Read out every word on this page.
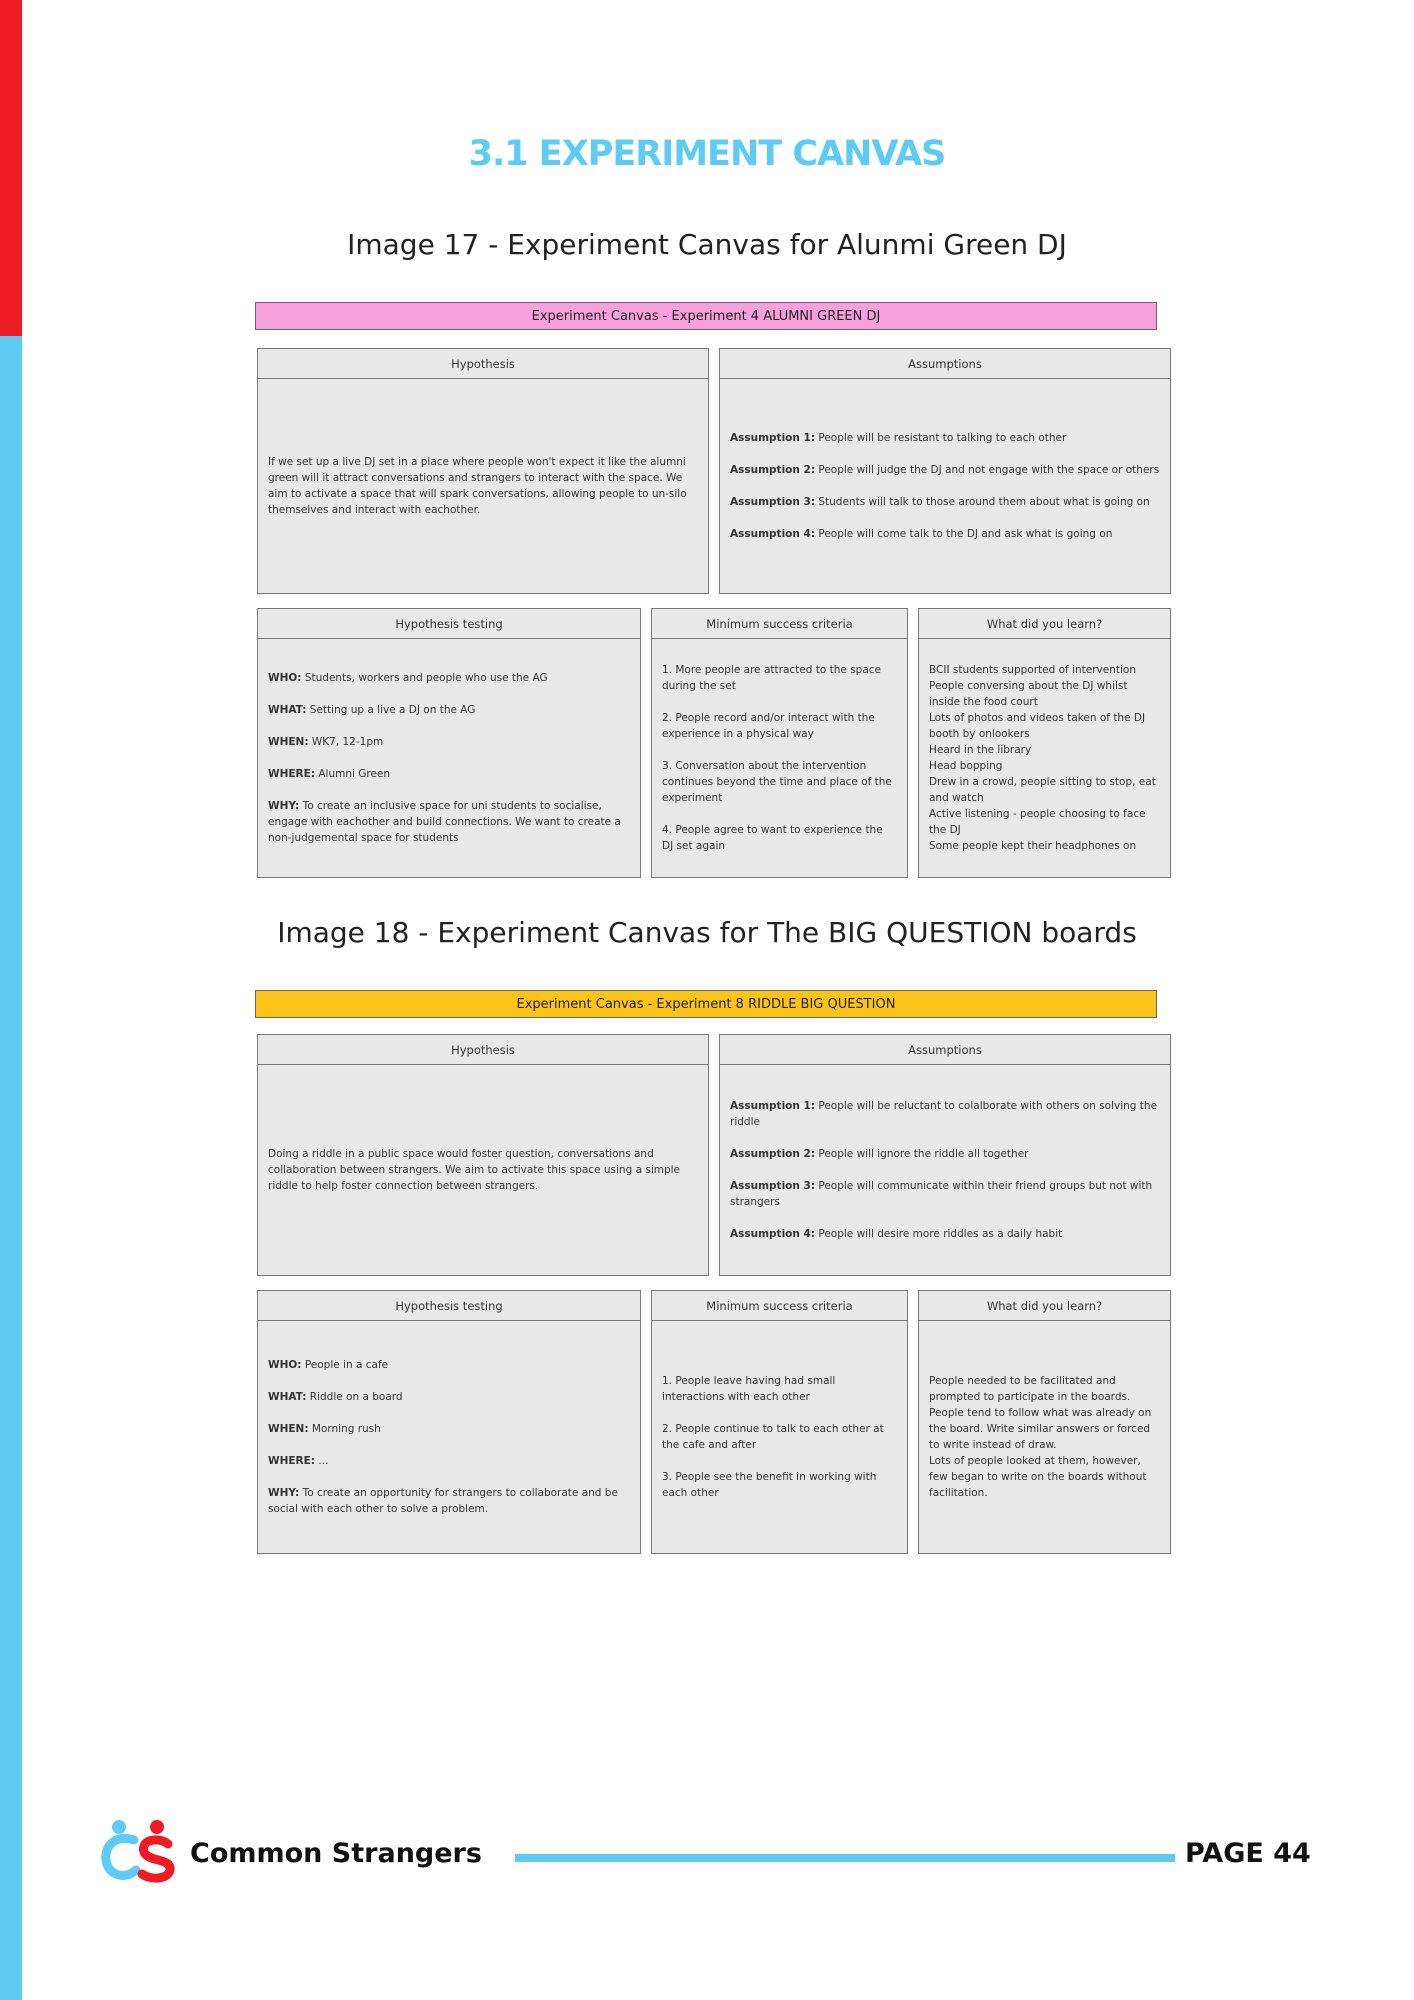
3.1 EXPERIMENT CANVAS
Image 17 - Experiment Canvas for Alunmi Green DJ
Experiment Canvas - Experiment 4 ALUMNI GREEN DJ
Hypothesis

If we set up a live DJ set in a place where people won't expect it like the alumni green will it attract conversations and strangers to interact with the space. We aim to activate a space that will spark conversations, allowing people to un-silo themselves and interact with eachother.

Assumptions

Assumption 1: People will be resistant to talking to each other

Assumption 2: People will judge the DJ and not engage with the space or others

Assumption 3: Students will talk to those around them about what is going on

Assumption 4: People will come talk to the DJ and ask what is going on

Hypothesis testing

WHO: Students, workers and people who use the AG

WHAT: Setting up a live a DJ on the AG

WHEN: WK7, 12-1pm

WHERE: Alumni Green

WHY: To create an inclusive space for uni students to socialise, engage with eachother and build connections. We want to create a non-judgemental space for students

Minimum success criteria

1. More people are attracted to the space during the set

2. People record and/or interact with the experience in a physical way

3. Conversation about the intervention continues beyond the time and place of the experiment

4. People agree to want to experience the DJ set again

What did you learn?

BCII students supported of intervention

People conversing about the DJ whilst inside the food court

Lots of photos and videos taken of the DJ booth by onlookers

Heard in the library

Head bopping

Drew in a crowd, people sitting to stop, eat and watch

Active listening - people choosing to face the DJ

Some people kept their headphones on

Image 18 - Experiment Canvas for The BIG QUESTION boards
Experiment Canvas - Experiment 8 RIDDLE BIG QUESTION
Hypothesis

Doing a riddle in a public space would foster question, conversations and collaboration between strangers. We aim to activate this space using a simple riddle to help foster connection between strangers.

Assumptions

Assumption 1: People will be reluctant to colalborate with others on solving the riddle

Assumption 2: People will ignore the riddle all together

Assumption 3: People will communicate within their friend groups but not with strangers

Assumption 4: People will desire more riddles as a daily habit

Hypothesis testing

WHO: People in a cafe

WHAT: Riddle on a board

WHEN: Morning rush

WHERE: ...

WHY: To create an opportunity for strangers to collaborate and be social with each other to solve a problem.

Minimum success criteria

1. People leave having had small interactions with each other

2. People continue to talk to each other at the cafe and after

3. People see the benefit in working with each other

What did you learn?

People needed to be facilitated and prompted to participate in the boards. People tend to follow what was already on the board. Write similar answers or forced to write instead of draw.

Lots of people looked at them, however, few began to write on the boards without facilitation.

Common Strangers	PAGE 44
